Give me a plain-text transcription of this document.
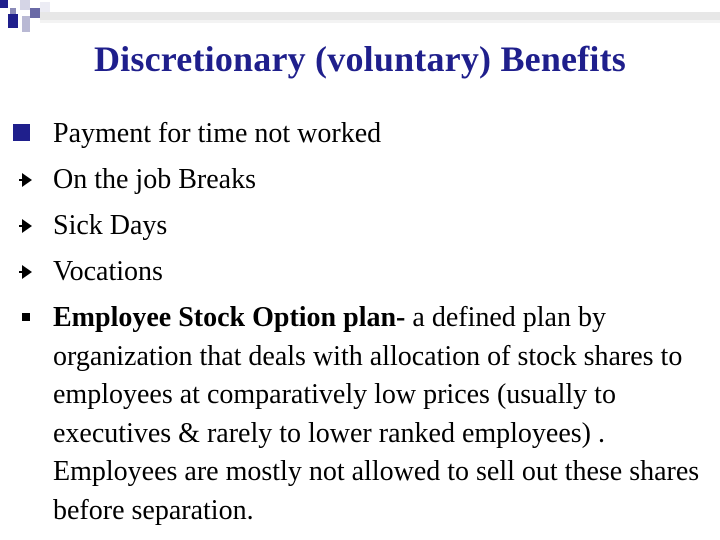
Discretionary (voluntary) Benefits
Payment for time not worked
On the job Breaks
Sick Days
Vocations
Employee Stock Option plan- a defined plan by organization that deals with allocation of stock shares to employees at comparatively low prices (usually to executives & rarely to lower ranked employees) . Employees are mostly not allowed to sell out these shares before separation.
